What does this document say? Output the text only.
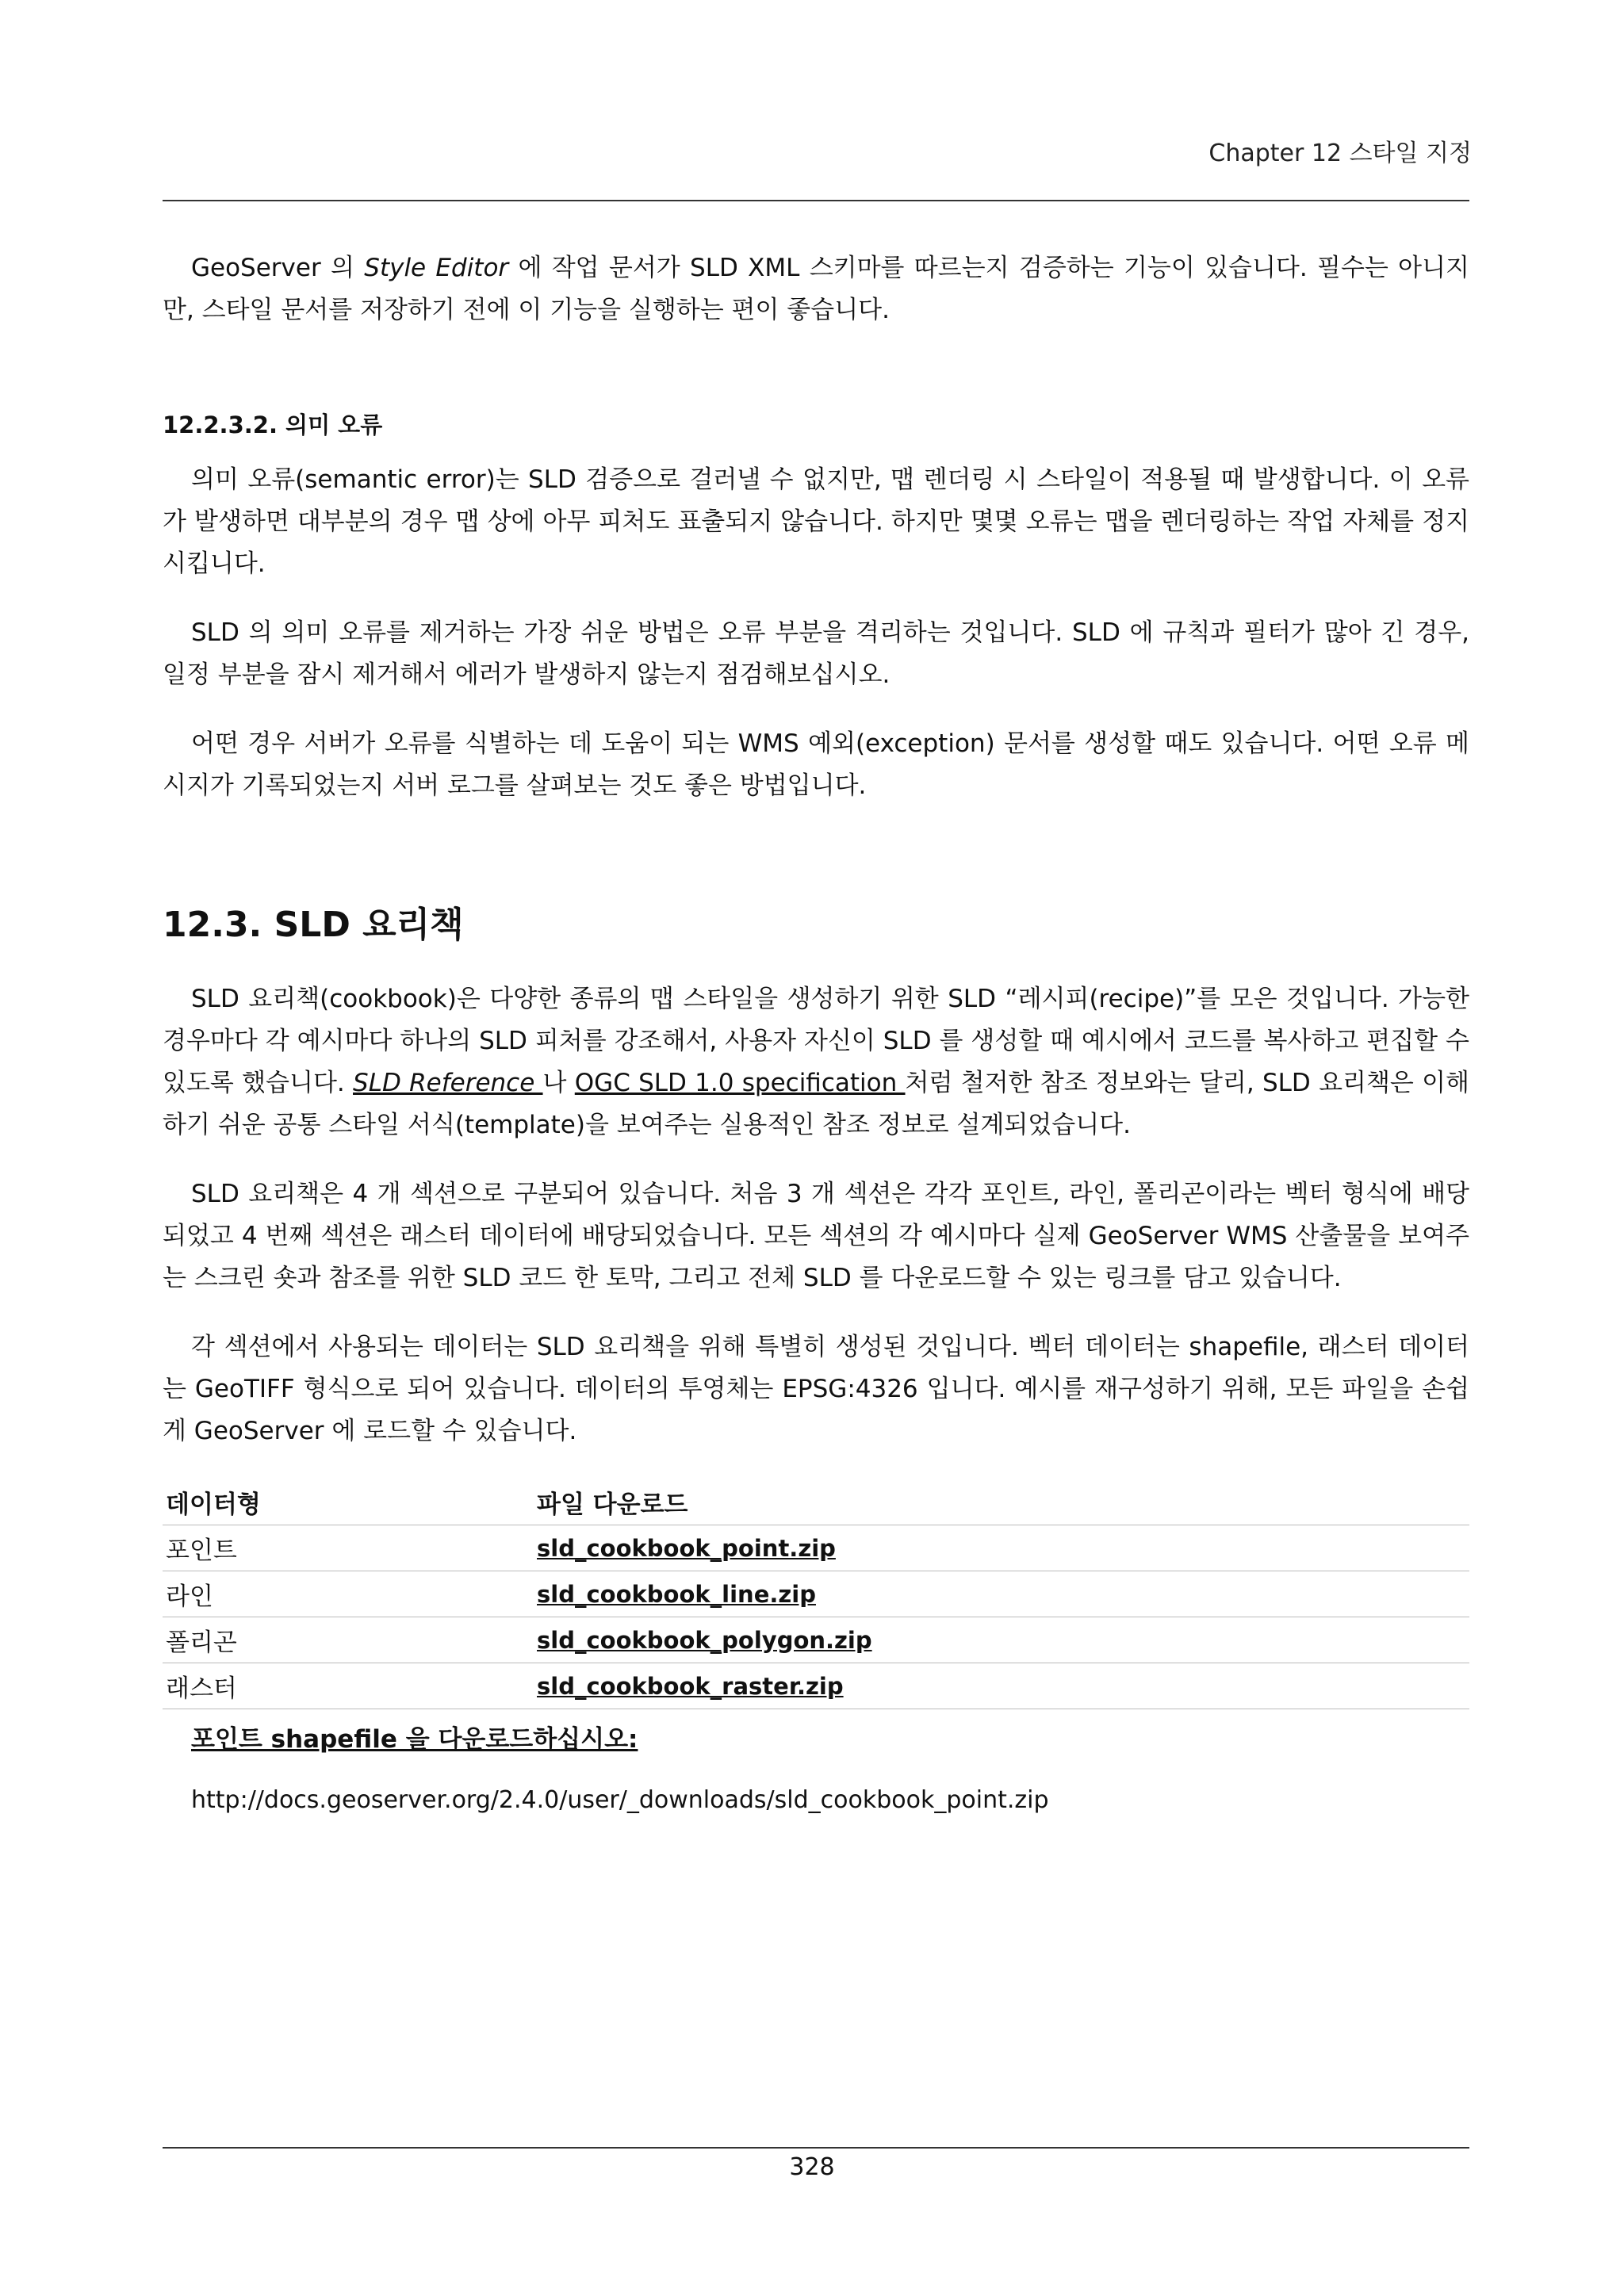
Chapter 12 스타일 지정

GeoServer 의 Style Editor 에 작업 문서가 SLD XML 스키마를 따르는지 검증하는 기능이 있습니다. 필수는 아니지만, 스타일 문서를 저장하기 전에 이 기능을 실행하는 편이 좋습니다.

12.2.3.2. 의미 오류

의미 오류(semantic error)는 SLD 검증으로 걸러낼 수 없지만, 맵 렌더링 시 스타일이 적용될 때 발생합니다. 이 오류가 발생하면 대부분의 경우 맵 상에 아무 피처도 표출되지 않습니다. 하지만 몇몇 오류는 맵을 렌더링하는 작업 자체를 정지시킵니다.

SLD 의 의미 오류를 제거하는 가장 쉬운 방법은 오류 부분을 격리하는 것입니다. SLD 에 규칙과 필터가 많아 긴 경우, 일정 부분을 잠시 제거해서 에러가 발생하지 않는지 점검해보십시오.

어떤 경우 서버가 오류를 식별하는 데 도움이 되는 WMS 예외(exception) 문서를 생성할 때도 있습니다. 어떤 오류 메시지가 기록되었는지 서버 로그를 살펴보는 것도 좋은 방법입니다.

12.3. SLD 요리책

SLD 요리책(cookbook)은 다양한 종류의 맵 스타일을 생성하기 위한 SLD “레시피(recipe)”를 모은 것입니다. 가능한 경우마다 각 예시마다 하나의 SLD 피처를 강조해서, 사용자 자신이 SLD 를 생성할 때 예시에서 코드를 복사하고 편집할 수 있도록 했습니다. SLD Reference 나 OGC SLD 1.0 specification 처럼 철저한 참조 정보와는 달리, SLD 요리책은 이해하기 쉬운 공통 스타일 서식(template)을 보여주는 실용적인 참조 정보로 설계되었습니다.

SLD 요리책은 4 개 섹션으로 구분되어 있습니다. 처음 3 개 섹션은 각각 포인트, 라인, 폴리곤이라는 벡터 형식에 배당되었고 4 번째 섹션은 래스터 데이터에 배당되었습니다. 모든 섹션의 각 예시마다 실제 GeoServer WMS 산출물을 보여주는 스크린 숏과 참조를 위한 SLD 코드 한 토막, 그리고 전체 SLD 를 다운로드할 수 있는 링크를 담고 있습니다.

각 섹션에서 사용되는 데이터는 SLD 요리책을 위해 특별히 생성된 것입니다. 벡터 데이터는 shapefile, 래스터 데이터는 GeoTIFF 형식으로 되어 있습니다. 데이터의 투영체는 EPSG:4326 입니다. 예시를 재구성하기 위해, 모든 파일을 손쉽게 GeoServer 에 로드할 수 있습니다.

데이터형	파일 다운로드
포인트	sld_cookbook_point.zip
라인	sld_cookbook_line.zip
폴리곤	sld_cookbook_polygon.zip
래스터	sld_cookbook_raster.zip
포인트 shapefile 을 다운로드하십시오:
http://docs.geoserver.org/2.4.0/user/_downloads/sld_cookbook_point.zip
328
